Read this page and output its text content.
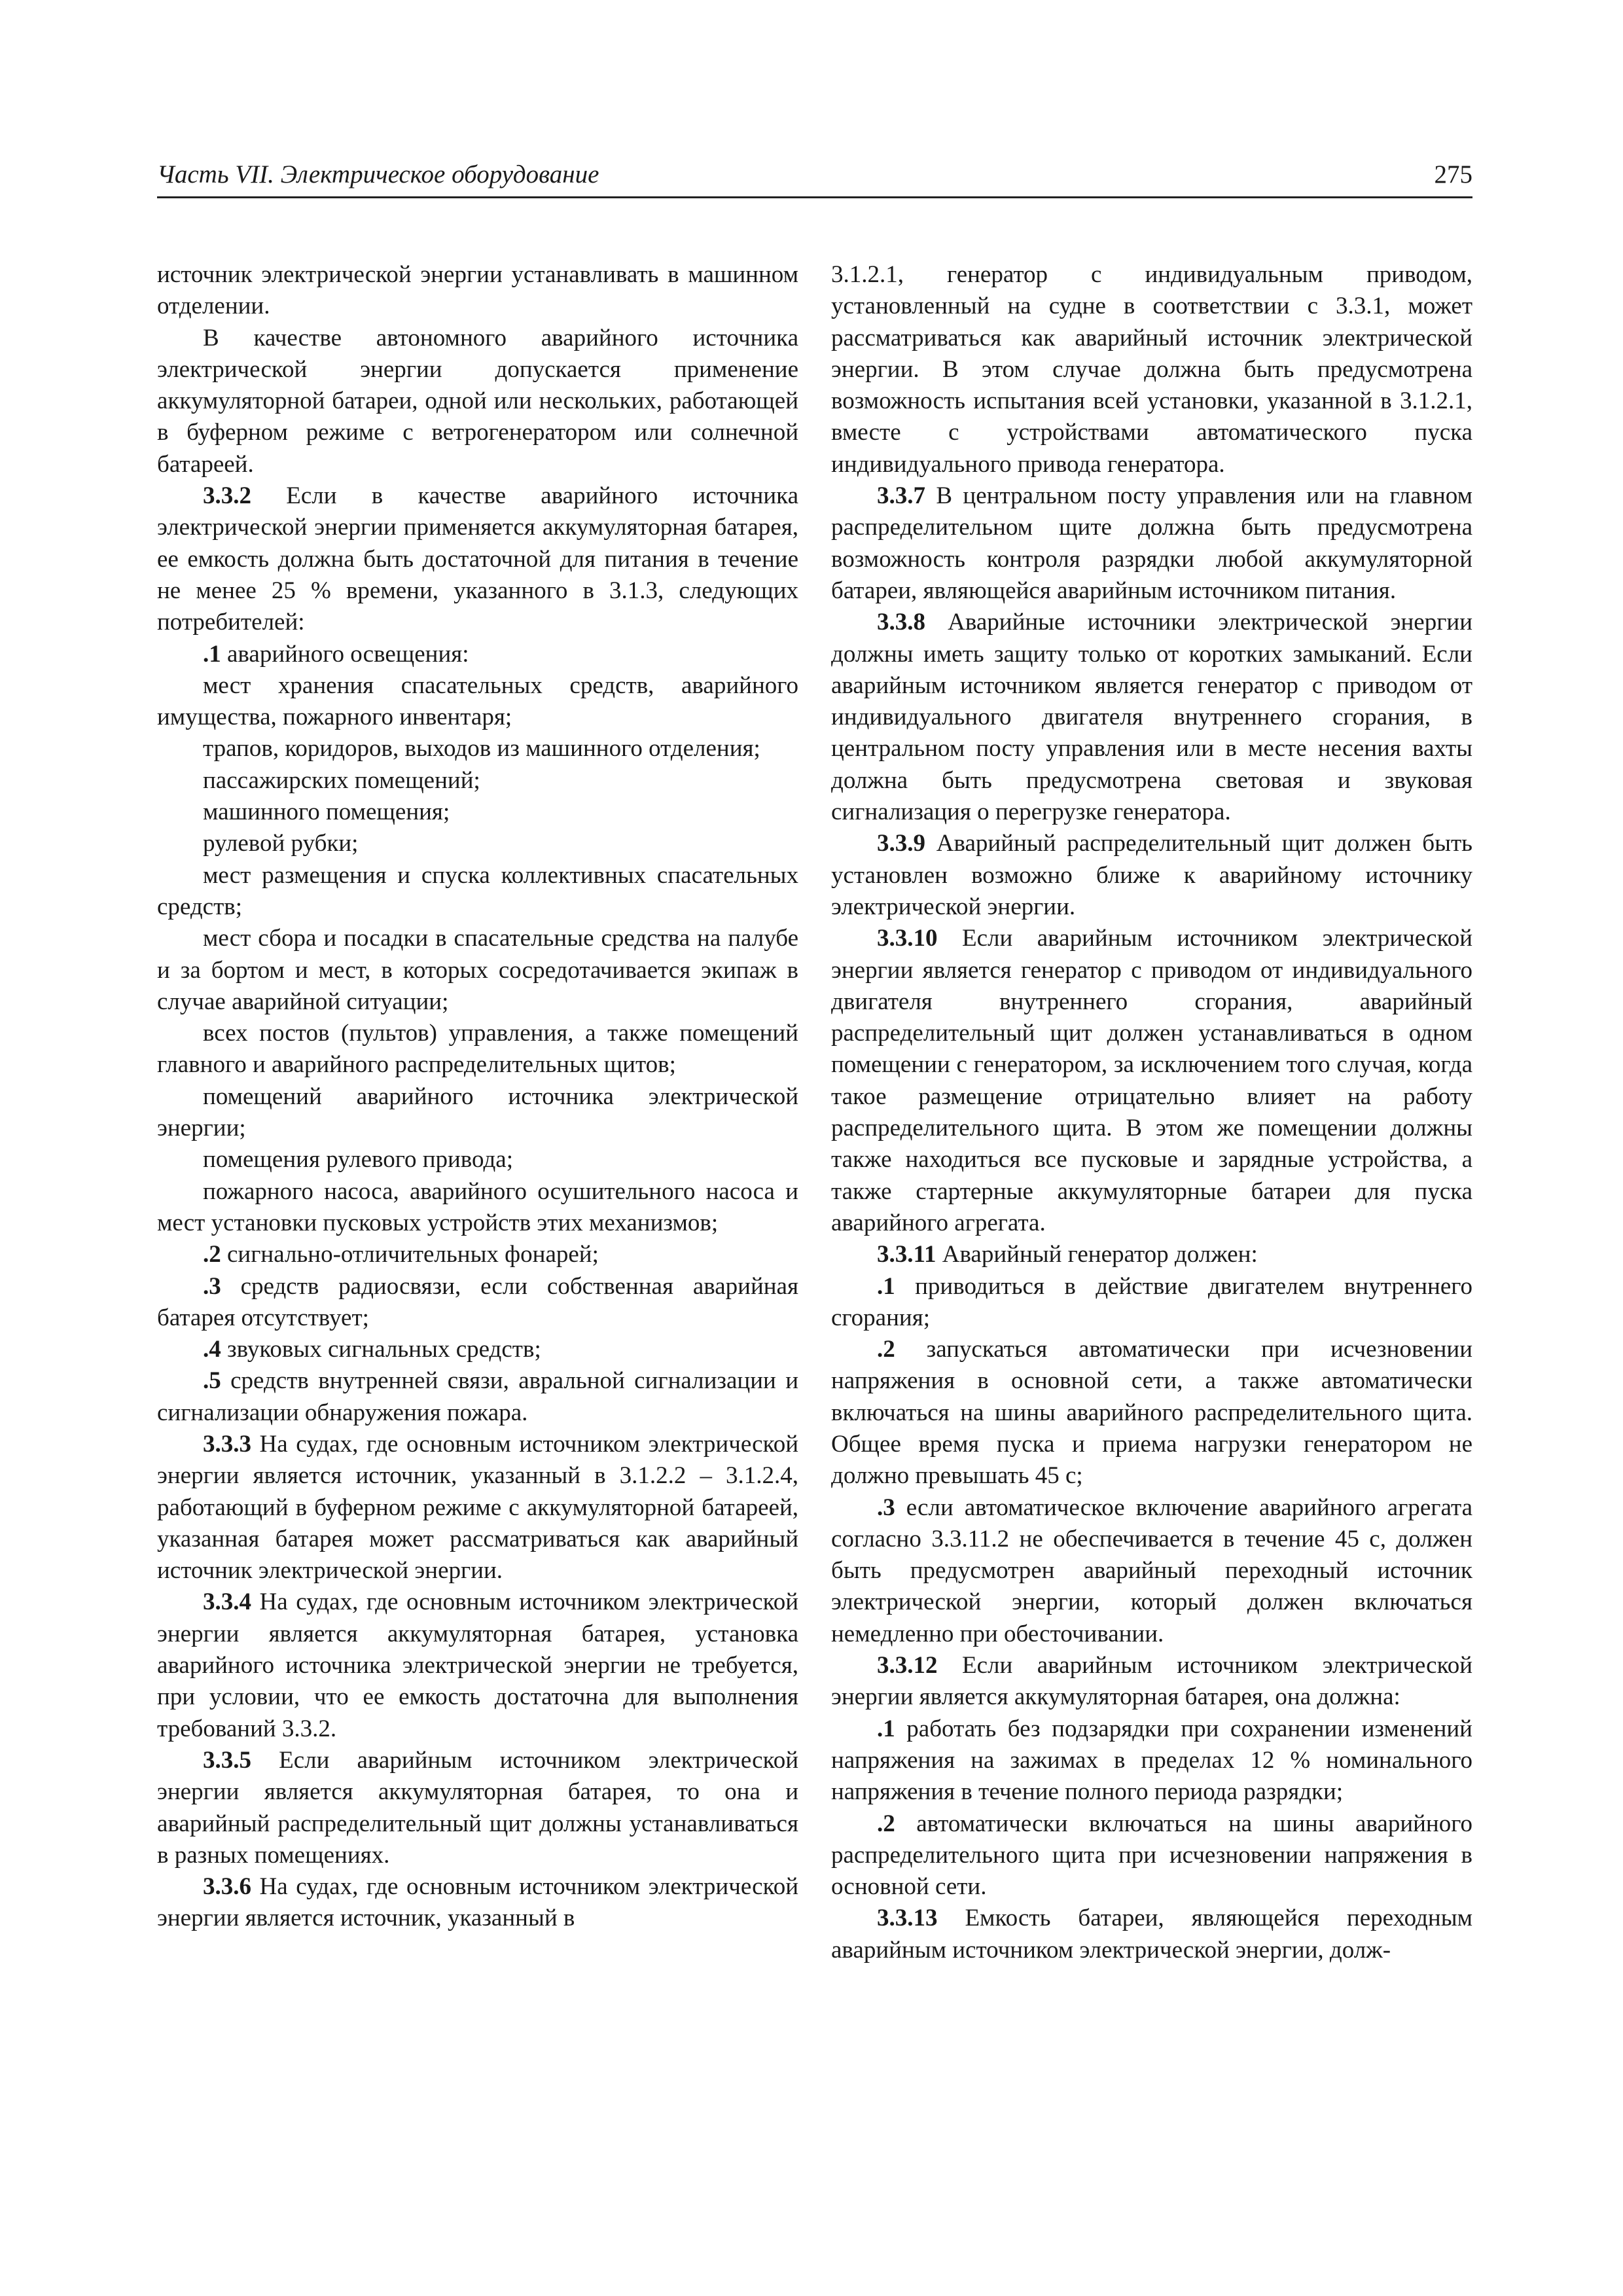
Часть VII. Электрическое оборудование	275

источник электрической энергии устанавливать в машинном отделении.

В качестве автономного аварийного источника электрической энергии допускается применение аккумуляторной батареи, одной или нескольких, работающей в буферном режиме с ветрогенератором или солнечной батареей.

3.3.2 Если в качестве аварийного источника электрической энергии применяется аккумуляторная батарея, ее емкость должна быть достаточной для питания в течение не менее 25 % времени, указанного в 3.1.3, следующих потребителей:

.1 аварийного освещения:

мест хранения спасательных средств, аварийного имущества, пожарного инвентаря;

трапов, коридоров, выходов из машинного отделения;

пассажирских помещений;

машинного помещения;

рулевой рубки;

мест размещения и спуска коллективных спасательных средств;

мест сбора и посадки в спасательные средства на палубе и за бортом и мест, в которых сосредотачивается экипаж в случае аварийной ситуации;

всех постов (пультов) управления, а также помещений главного и аварийного распределительных щитов;

помещений аварийного источника электрической энергии;

помещения рулевого привода;

пожарного насоса, аварийного осушительного насоса и мест установки пусковых устройств этих механизмов;

.2 сигнально-отличительных фонарей;

.3 средств радиосвязи, если собственная аварийная батарея отсутствует;

.4 звуковых сигнальных средств;

.5 средств внутренней связи, авральной сигнализации и сигнализации обнаружения пожара.

3.3.3 На судах, где основным источником электрической энергии является источник, указанный в 3.1.2.2 – 3.1.2.4, работающий в буферном режиме с аккумуляторной батареей, указанная батарея может рассматриваться как аварийный источник электрической энергии.

3.3.4 На судах, где основным источником электрической энергии является аккумуляторная батарея, установка аварийного источника электрической энергии не требуется, при условии, что ее емкость достаточна для выполнения требований 3.3.2.

3.3.5 Если аварийным источником электрической энергии является аккумуляторная батарея, то она и аварийный распределительный щит должны устанавливаться в разных помещениях.

3.3.6 На судах, где основным источником электрической энергии является источник, указанный в

3.1.2.1, генератор с индивидуальным приводом, установленный на судне в соответствии с 3.3.1, может рассматриваться как аварийный источник электрической энергии. В этом случае должна быть предусмотрена возможность испытания всей установки, указанной в 3.1.2.1, вместе с устройствами автоматического пуска индивидуального привода генератора.

3.3.7 В центральном посту управления или на главном распределительном щите должна быть предусмотрена возможность контроля разрядки любой аккумуляторной батареи, являющейся аварийным источником питания.

3.3.8 Аварийные источники электрической энергии должны иметь защиту только от коротких замыканий. Если аварийным источником является генератор с приводом от индивидуального двигателя внутреннего сгорания, в центральном посту управления или в месте несения вахты должна быть предусмотрена световая и звуковая сигнализация о перегрузке генератора.

3.3.9 Аварийный распределительный щит должен быть установлен возможно ближе к аварийному источнику электрической энергии.

3.3.10 Если аварийным источником электрической энергии является генератор с приводом от индивидуального двигателя внутреннего сгорания, аварийный распределительный щит должен устанавливаться в одном помещении с генератором, за исключением того случая, когда такое размещение отрицательно влияет на работу распределительного щита. В этом же помещении должны также находиться все пусковые и зарядные устройства, а также стартерные аккумуляторные батареи для пуска аварийного агрегата.

3.3.11 Аварийный генератор должен:

.1 приводиться в действие двигателем внутреннего сгорания;

.2 запускаться автоматически при исчезновении напряжения в основной сети, а также автоматически включаться на шины аварийного распределительного щита. Общее время пуска и приема нагрузки генератором не должно превышать 45 с;

.3 если автоматическое включение аварийного агрегата согласно 3.3.11.2 не обеспечивается в течение 45 с, должен быть предусмотрен аварийный переходный источник электрической энергии, который должен включаться немедленно при обесточивании.

3.3.12 Если аварийным источником электрической энергии является аккумуляторная батарея, она должна:

.1 работать без подзарядки при сохранении изменений напряжения на зажимах в пределах 12 % номинального напряжения в течение полного периода разрядки;

.2 автоматически включаться на шины аварийного распределительного щита при исчезновении напряжения в основной сети.

3.3.13 Емкость батареи, являющейся переходным аварийным источником электрической энергии, долж-
